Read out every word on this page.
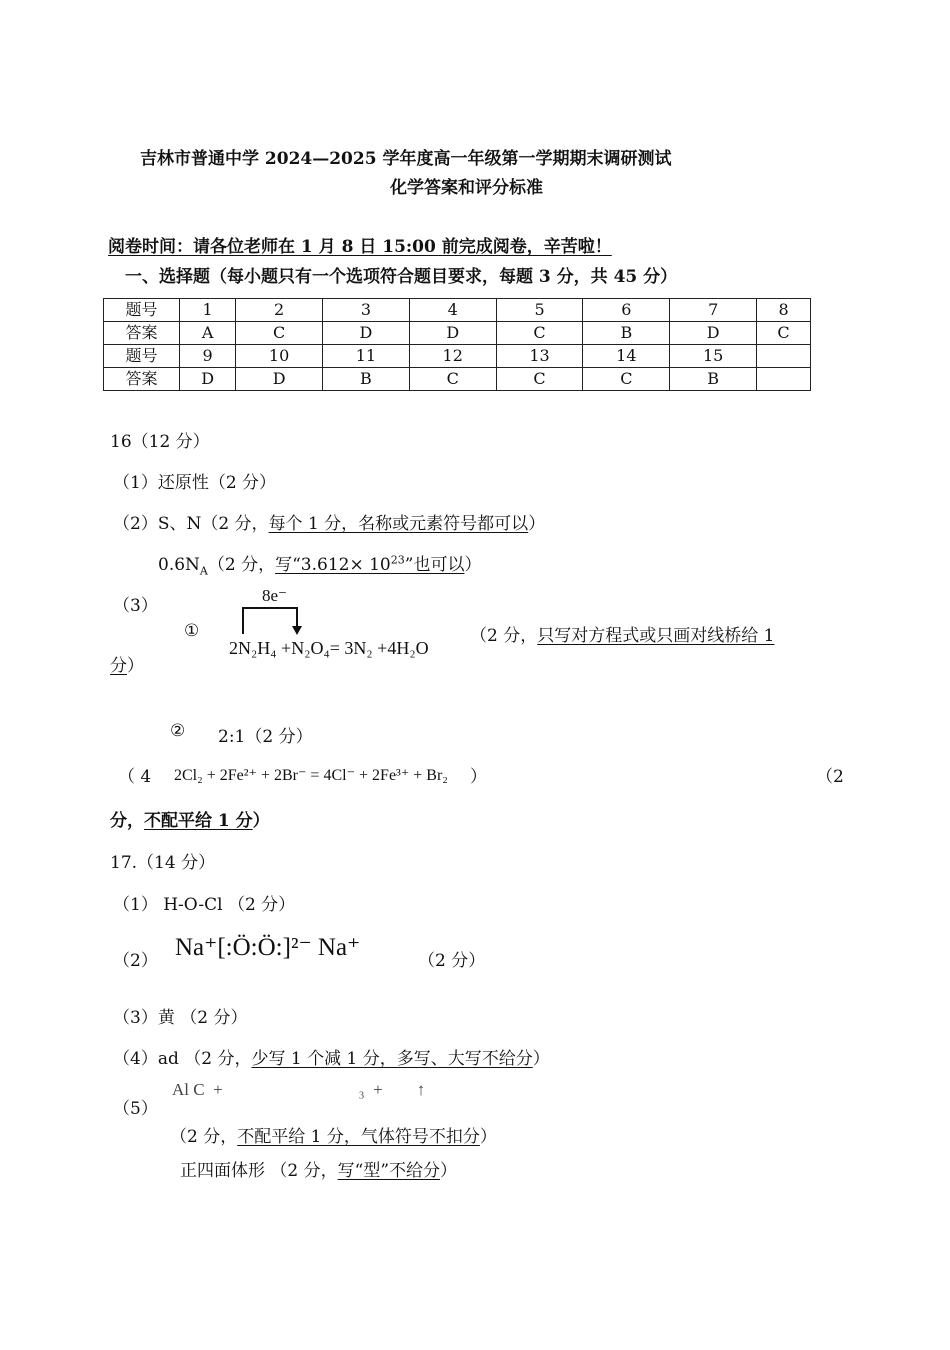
吉林市普通中学 2024—2025 学年度高一年级第一学期期末调研测试
化学答案和评分标准
阅卷时间：请各位老师在 1 月 8 日 15:00 前完成阅卷，辛苦啦！
一、选择题（每小题只有一个选项符合题目要求，每题 3 分，共 45 分）
题号	1	2	3	4	5	6	7	8
答案	A	C	D	D	C	B	D	C
题号	9	10	11	12	13	14	15	
答案	D	D	B	C	C	C	B	
16（12 分）
（1）还原性（2 分）
（2）S、N（2 分，每个 1 分，名称或元素符号都可以）
$0.6N_A(2$ 分，写“$3.612\times 10^{23}$”也可以）
（3）
①
8e⁻
2N₂H₄ +N₂O₄= 3N₂ +4H₂O
（2 分，只写对方程式或只画对线桥给 1
分）
② 2:1（2 分）
（ 4 2Cl₂ + 2Fe²⁺ + 2Br⁻ = 4Cl⁻ + 2Fe³⁺ + Br₂ ）	（2
分，不配平给 1 分）
17.（14 分）
（1） H-O-Cl （2 分）
（2） Na⁺[:Ö:Ö:]²⁻ Na⁺	（2 分）
（3）黄 （2 分）
（4）ad （2 分，少写 1 个减 1 分，多写、大写不给分）
（5）
Al C  +                                ₃  +        ↑
（2 分，不配平给 1 分，气体符号不扣分）
正四面体形 （2 分，写“型”不给分）
